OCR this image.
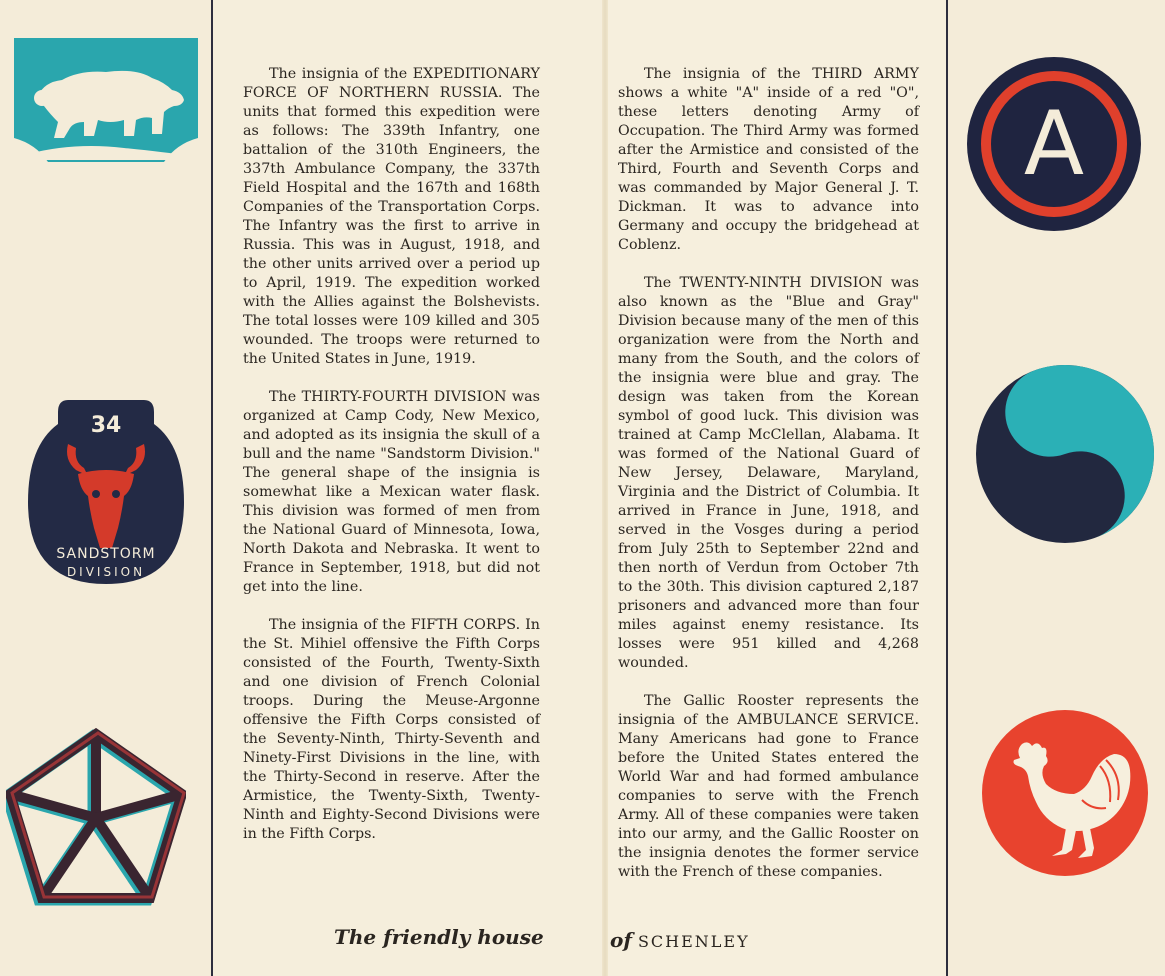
34
SANDSTORM
DIVISION
A

The insignia of the EXPEDITIONARY FORCE OF NORTHERN RUSSIA. The units that formed this expedition were as follows: The 339th Infantry, one battalion of the 310th Engineers, the 337th Ambulance Company, the 337th Field Hospital and the 167th and 168th Companies of the Transportation Corps. The Infantry was the first to arrive in Russia. This was in August, 1918, and the other units arrived over a period up to April, 1919. The expedition worked with the Allies against the Bolshevists. The total losses were 109 killed and 305 wounded. The troops were returned to the United States in June, 1919.

The THIRTY-FOURTH DIVISION was organized at Camp Cody, New Mexico, and adopted as its insignia the skull of a bull and the name "Sandstorm Division." The general shape of the insignia is somewhat like a Mexican water flask. This division was formed of men from the National Guard of Minnesota, Iowa, North Dakota and Nebraska. It went to France in September, 1918, but did not get into the line.

The insignia of the FIFTH CORPS. In the St. Mihiel offensive the Fifth Corps consisted of the Fourth, Twenty-Sixth and one division of French Colonial troops. During the Meuse-Argonne offensive the Fifth Corps consisted of the Seventy-Ninth, Thirty-Seventh and Ninety-First Divisions in the line, with the Thirty-Second in reserve. After the Armistice, the Twenty-Sixth, Twenty-Ninth and Eighty-Second Divisions were in the Fifth Corps.

The insignia of the THIRD ARMY shows a white "A" inside of a red "O", these letters denoting Army of Occupation. The Third Army was formed after the Armistice and consisted of the Third, Fourth and Seventh Corps and was commanded by Major General J. T. Dickman. It was to advance into Germany and occupy the bridgehead at Coblenz.

The TWENTY-NINTH DIVISION was also known as the "Blue and Gray" Division because many of the men of this organization were from the North and many from the South, and the colors of the insignia were blue and gray. The design was taken from the Korean symbol of good luck. This division was trained at Camp McClellan, Alabama. It was formed of the National Guard of New Jersey, Delaware, Maryland, Virginia and the District of Columbia. It arrived in France in June, 1918, and served in the Vosges during a period from July 25th to September 22nd and then north of Verdun from October 7th to the 30th. This division captured 2,187 prisoners and advanced more than four miles against enemy resistance. Its losses were 951 killed and 4,268 wounded.

The Gallic Rooster represents the insignia of the AMBULANCE SERVICE. Many Americans had gone to France before the United States entered the World War and had formed ambulance companies to serve with the French Army. All of these companies were taken into our army, and the Gallic Rooster on the insignia denotes the former service with the French of these companies.

The friendly house	of SCHENLEY
